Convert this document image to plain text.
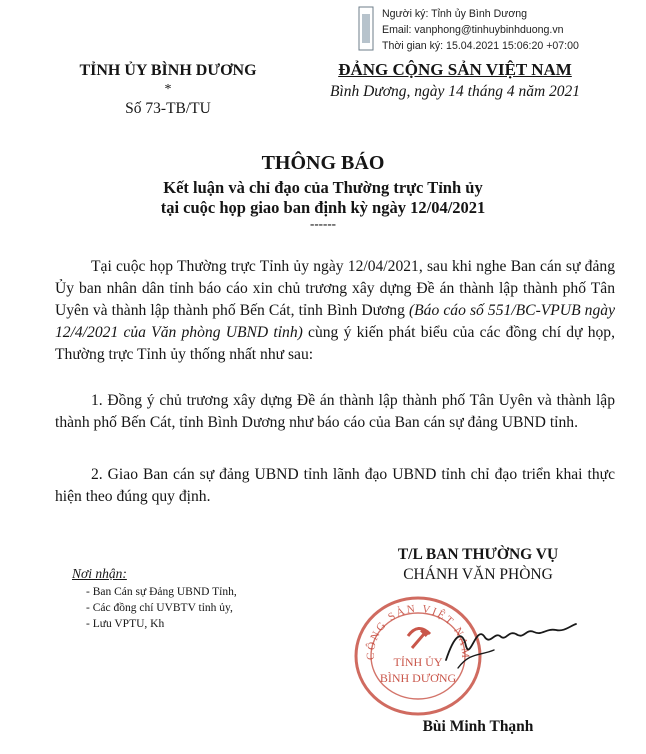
Người ký: Tỉnh ủy Bình Dương
Email: vanphong@tinhuybinhduong.vn
Thời gian ký: 15.04.2021 15:06:20 +07:00
TỈNH ỦY BÌNH DƯƠNG
*
Số 73-TB/TU
ĐẢNG CỘNG SẢN VIỆT NAM
Bình Dương, ngày 14 tháng 4 năm 2021
THÔNG BÁO
Kết luận và chỉ đạo của Thường trực Tỉnh ủy
tại cuộc họp giao ban định kỳ ngày 12/04/2021
------
Tại cuộc họp Thường trực Tỉnh ủy ngày 12/04/2021, sau khi nghe Ban cán sự đảng Ủy ban nhân dân tỉnh báo cáo xin chủ trương xây dựng Đề án thành lập thành phố Tân Uyên và thành lập thành phố Bến Cát, tỉnh Bình Dương (Báo cáo số 551/BC-VPUB ngày 12/4/2021 của Văn phòng UBND tỉnh) cùng ý kiến phát biểu của các đồng chí dự họp, Thường trực Tỉnh ủy thống nhất như sau:
1. Đồng ý chủ trương xây dựng Đề án thành lập thành phố Tân Uyên và thành lập thành phố Bến Cát, tỉnh Bình Dương như báo cáo của Ban cán sự đảng UBND tỉnh.
2. Giao Ban cán sự đảng UBND tỉnh lãnh đạo UBND tỉnh chỉ đạo triển khai thực hiện theo đúng quy định.
T/L BAN THƯỜNG VỤ
CHÁNH VĂN PHÒNG
Nơi nhận:
- Ban Cán sự Đảng UBND Tỉnh,
- Các đồng chí UVBTV tỉnh ủy,
- Lưu VPTU, Kh
CÔNG SẢN VIỆT NAM
TỈNH ỦY
BÌNH DƯƠNG
Bùi Minh Thạnh
